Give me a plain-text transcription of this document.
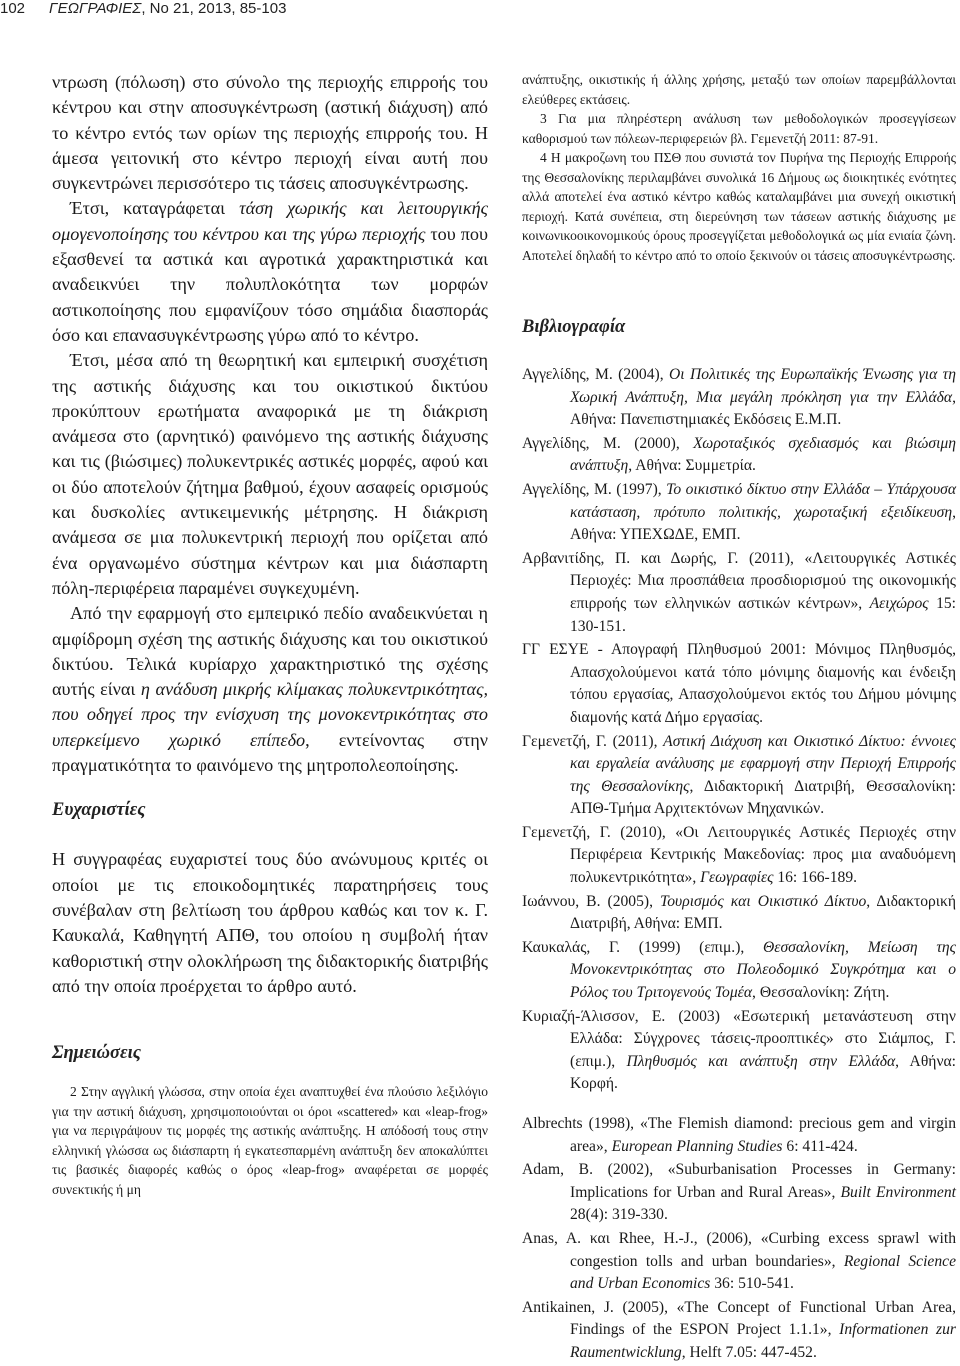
102 ΓΕΩΓΡΑΦΙΕΣ, Νο 21, 2013, 85-103

ντρωση (πόλωση) στο σύνολο της περιοχής επιρροής του κέντρου και στην αποσυγκέντρωση (αστική διάχυση) από το κέντρο εντός των ορίων της περιοχής επιρροής του. Η άμεσα γειτονική στο κέντρο περιοχή είναι αυτή που συγκεντρώνει περισσότερο τις τάσεις αποσυγκέντρωσης.

Έτσι, καταγράφεται τάση χωρικής και λειτουργικής ομογενοποίησης του κέντρου και της γύρω περιοχής του που εξασθενεί τα αστικά και αγροτικά χαρακτηριστικά και αναδεικνύει την πολυπλοκότητα των μορφών αστικοποίησης που εμφανίζουν τόσο σημάδια διασποράς όσο και επανασυγκέντρωσης γύρω από το κέντρο.

Έτσι, μέσα από τη θεωρητική και εμπειρική συσχέτιση της αστικής διάχυσης και του οικιστικού δικτύου προκύπτουν ερωτήματα αναφορικά με τη διάκριση ανάμεσα στο (αρνητικό) φαινόμενο της αστικής διάχυσης και τις (βιώσιμες) πολυκεντρικές αστικές μορφές, αφού και οι δύο αποτελούν ζήτημα βαθμού, έχουν ασαφείς ορισμούς και δυσκολίες αντικειμενικής μέτρησης. Η διάκριση ανάμεσα σε μια πολυκεντρική περιοχή που ορίζεται από ένα οργανωμένο σύστημα κέντρων και μια διάσπαρτη πόλη-περιφέρεια παραμένει συγκεχυμένη.

Από την εφαρμογή στο εμπειρικό πεδίο αναδεικνύεται η αμφίδρομη σχέση της αστικής διάχυσης και του οικιστικού δικτύου. Τελικά κυρίαρχο χαρακτηριστικό της σχέσης αυτής είναι η ανάδυση μικρής κλίμακας πολυκεντρικότητας, που οδηγεί προς την ενίσχυση της μονοκεντρικότητας στο υπερκείμενο χωρικό επίπεδο, εντείνοντας στην πραγματικότητα το φαινόμενο της μητροπολεοποίησης.

Ευχαριστίες

Η συγγραφέας ευχαριστεί τους δύο ανώνυμους κριτές οι οποίοι με τις εποικοδομητικές παρατηρήσεις τους συνέβαλαν στη βελτίωση του άρθρου καθώς και τον κ. Γ. Καυκαλά, Καθηγητή ΑΠΘ, του οποίου η συμβολή ήταν καθοριστική στην ολοκλήρωση της διδακτορικής διατριβής από την οποία προέρχεται το άρθρο αυτό.

Σημειώσεις

2 Στην αγγλική γλώσσα, στην οποία έχει αναπτυχθεί ένα πλούσιο λεξιλόγιο για την αστική διάχυση, χρησιμοποιούνται οι όροι «scattered» και «leap-frog» για να περιγράψουν τις μορφές της αστικής ανάπτυξης. Η απόδοσή τους στην ελληνική γλώσσα ως διάσπαρτη ή εγκατεσπαρμένη ανάπτυξη δεν αποκαλύπτει τις βασικές διαφορές καθώς ο όρος «leap-frog» αναφέρεται σε μορφές συνεκτικής ή μη

ανάπτυξης, οικιστικής ή άλλης χρήσης, μεταξύ των οποίων παρεμβάλλονται ελεύθερες εκτάσεις.

3 Για μια πληρέστερη ανάλυση των μεθοδολογικών προσεγγίσεων καθορισμού των πόλεων-περιφερειών βλ. Γεμενετζή 2011: 87-91.

4 Η μακροζωνη του ΠΣΘ που συνιστά τον Πυρήνα της Περιοχής Επιρροής της Θεσσαλονίκης περιλαμβάνει συνολικά 16 Δήμους ως διοικητικές ενότητες αλλά αποτελεί ένα αστικό κέντρο καθώς καταλαμβάνει μια συνεχή οικιστική περιοχή. Κατά συνέπεια, στη διερεύνηση των τάσεων αστικής διάχυσης με κοινωνικοοικονομικούς όρους προσεγγίζεται μεθοδολογικά ως μία ενιαία ζώνη. Αποτελεί δηλαδή το κέντρο από το οποίο ξεκινούν οι τάσεις αποσυγκέντρωσης.

Βιβλιογραφία

Αγγελίδης, Μ. (2004), Οι Πολιτικές της Ευρωπαϊκής Ένωσης για τη Χωρική Ανάπτυξη, Μια μεγάλη πρόκληση για την Ελλάδα, Αθήνα: Πανεπιστημιακές Εκδόσεις Ε.Μ.Π.

Αγγελίδης, Μ. (2000), Χωροταξικός σχεδιασμός και βιώσιμη ανάπτυξη, Αθήνα: Συμμετρία.

Αγγελίδης, Μ. (1997), Το οικιστικό δίκτυο στην Ελλάδα – Υπάρχουσα κατάσταση, πρότυπο πολιτικής, χωροταξική εξειδίκευση, Αθήνα: ΥΠΕΧΩΔΕ, ΕΜΠ.

Αρβανιτίδης, Π. και Δωρής, Γ. (2011), «Λειτουργικές Αστικές Περιοχές: Μια προσπάθεια προσδιορισμού της οικονομικής επιρροής των ελληνικών αστικών κέντρων», Αειχώρος 15: 130-151.

ΓΓ ΕΣΥΕ - Απογραφή Πληθυσμού 2001: Μόνιμος Πληθυσμός, Απασχολούμενοι κατά τόπο μόνιμης διαμονής και ένδειξη τόπου εργασίας, Απασχολούμενοι εκτός του Δήμου μόνιμης διαμονής κατά Δήμο εργασίας.

Γεμενετζή, Γ. (2011), Αστική Διάχυση και Οικιστικό Δίκτυο: έννοιες και εργαλεία ανάλυσης με εφαρμογή στην Περιοχή Επιρροής της Θεσσαλονίκης, Διδακτορική Διατριβή, Θεσσαλονίκη: ΑΠΘ-Τμήμα Αρχιτεκτόνων Μηχανικών.

Γεμενετζή, Γ. (2010), «Οι Λειτουργικές Αστικές Περιοχές στην Περιφέρεια Κεντρικής Μακεδονίας: προς μια αναδυόμενη πολυκεντρικότητα», Γεωγραφίες 16: 166-189.

Ιωάννου, Β. (2005), Τουρισμός και Οικιστικό Δίκτυο, Διδακτορική Διατριβή, Αθήνα: ΕΜΠ.

Καυκαλάς, Γ. (1999) (επιμ.), Θεσσαλονίκη, Μείωση της Μονοκεντρικότητας στο Πολεοδομικό Συγκρότημα και ο Ρόλος του Τριτογενούς Τομέα, Θεσσαλονίκη: Ζήτη.

Κυριαζή-Άλισσον, Ε. (2003) «Εσωτερική μετανάστευση στην Ελλάδα: Σύγχρονες τάσεις-προοπτικές» στο Σιάμπος, Γ. (επιμ.), Πληθυσμός και ανάπτυξη στην Ελλάδα, Αθήνα: Κορφή.

Albrechts (1998), «The Flemish diamond: precious gem and virgin area», European Planning Studies 6: 411-424.

Adam, B. (2002), «Suburbanisation Processes in Germany: Implications for Urban and Rural Areas», Built Environment 28(4): 319-330.

Anas, A. και Rhee, H.-J., (2006), «Curbing excess sprawl with congestion tolls and urban boundaries», Regional Science and Urban Economics 36: 510-541.

Antikainen, J. (2005), «The Concept of Functional Urban Area, Findings of the ESPON Project 1.1.1», Informationen zur Raumentwicklung, Helft 7.05: 447-452.
